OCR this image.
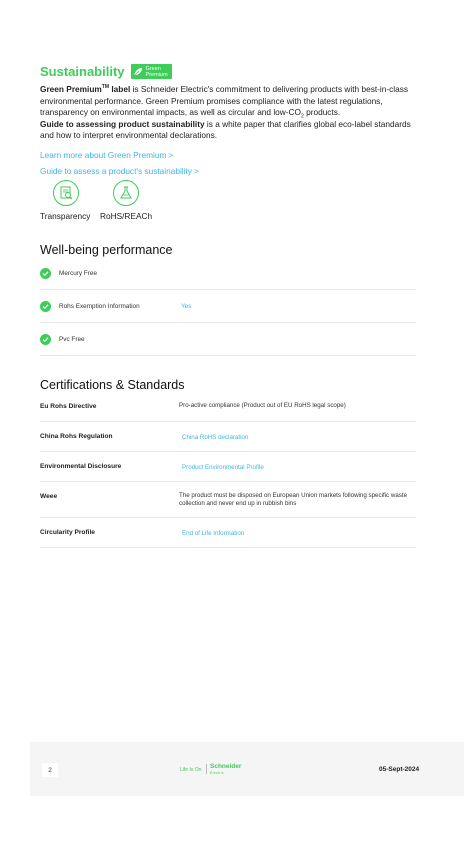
Sustainability	Green
Premium

Green Premium™ label is Schneider Electric's commitment to delivering products with best-in-class environmental performance. Green Premium promises compliance with the latest regulations, transparency on environmental impacts, as well as circular and low-$CO_2$ products.

Guide to assessing product sustainability is a white paper that clarifies global eco-label standards and how to interpret environmental declarations.

Learn more about Green Premium >
Guide to assess a product's sustainability >
Transparency RoHS/REACh
Well-being performance
Mercury Free
Rohs Exemption Information	Yes
Pvc Free
Certifications & Standards
Eu Rohs Directive	Pro-active compliance (Product out of EU RoHS legal scope)
China Rohs Regulation	China RoHS declaration
Environmental Disclosure	Product Environmental Profile
Weee	The product must be disposed on European Union markets following specific waste collection and never end up in rubbish bins
Circularity Profile	End of Life Information
2	Life Is On Schneider
Electric	05-Sept-2024
